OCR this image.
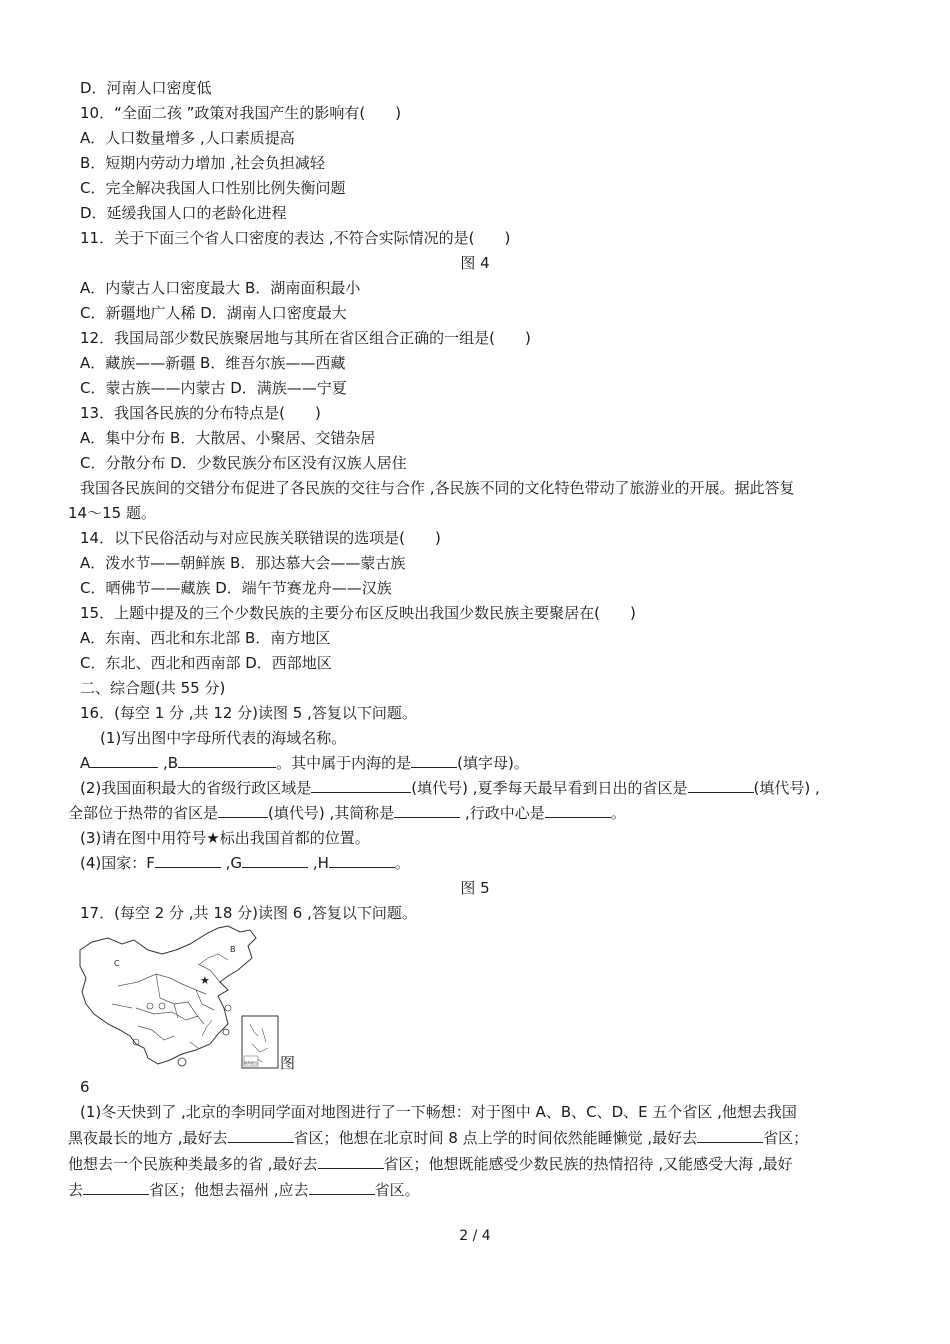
D．河南人口密度低
10．“全面二孩 ”政策对我国产生的影响有(　　)
A．人口数量增多 ,人口素质提高
B．短期内劳动力增加 ,社会负担减轻
C．完全解决我国人口性别比例失衡问题
D．延缓我国人口的老龄化进程
11．关于下面三个省人口密度的表达 ,不符合实际情况的是(　　)
图 4
A．内蒙古人口密度最大 B．湖南面积最小
C．新疆地广人稀 D．湖南人口密度最大
12．我国局部少数民族聚居地与其所在省区组合正确的一组是(　　)
A．藏族——新疆 B．维吾尔族——西藏
C．蒙古族——内蒙古 D．满族——宁夏
13．我国各民族的分布特点是(　　)
A．集中分布 B．大散居、小聚居、交错杂居
C．分散分布 D．少数民族分布区没有汉族人居住
我国各民族间的交错分布促进了各民族的交往与合作 ,各民族不同的文化特色带动了旅游业的开展。据此答复
14～15 题。
14．以下民俗活动与对应民族关联错误的选项是(　　)
A．泼水节——朝鲜族 B．那达慕大会——蒙古族
C．晒佛节——藏族 D．端午节赛龙舟——汉族
15．上题中提及的三个少数民族的主要分布区反映出我国少数民族主要聚居在(　　)
A．东南、西北和东北部 B．南方地区
C．东北、西北和西南部 D．西部地区
二、综合题(共 55 分)
16．(每空 1 分 ,共 12 分)读图 5 ,答复以下问题。
(1)写出图中字母所代表的海域名称。
A	,B	。其中属于内海的是	(填字母)。
(2)我国面积最大的省级行政区域是	(填代号) ,夏季每天最早看到日出的省区是	(填代号) ,
全部位于热带的省区是	(填代号) ,其简称是	,行政中心是	。
(3)请在图中用符号★标出我国首都的位置。
(4)国家：F	,G	,H	。
图 5
17．(每空 2 分 ,共 18 分)读图 6 ,答复以下问题。
★
B
C
南海诸岛 图
6
(1)冬天快到了 ,北京的李明同学面对地图进行了一下畅想：对于图中 A、B、C、D、E 五个省区 ,他想去我国
黑夜最长的地方 ,最好去	省区；他想在北京时间 8 点上学的时间依然能睡懒觉 ,最好去	省区；
他想去一个民族种类最多的省 ,最好去	省区；他想既能感受少数民族的热情招待 ,又能感受大海 ,最好
去	省区；他想去福州 ,应去	省区。
2 / 4
